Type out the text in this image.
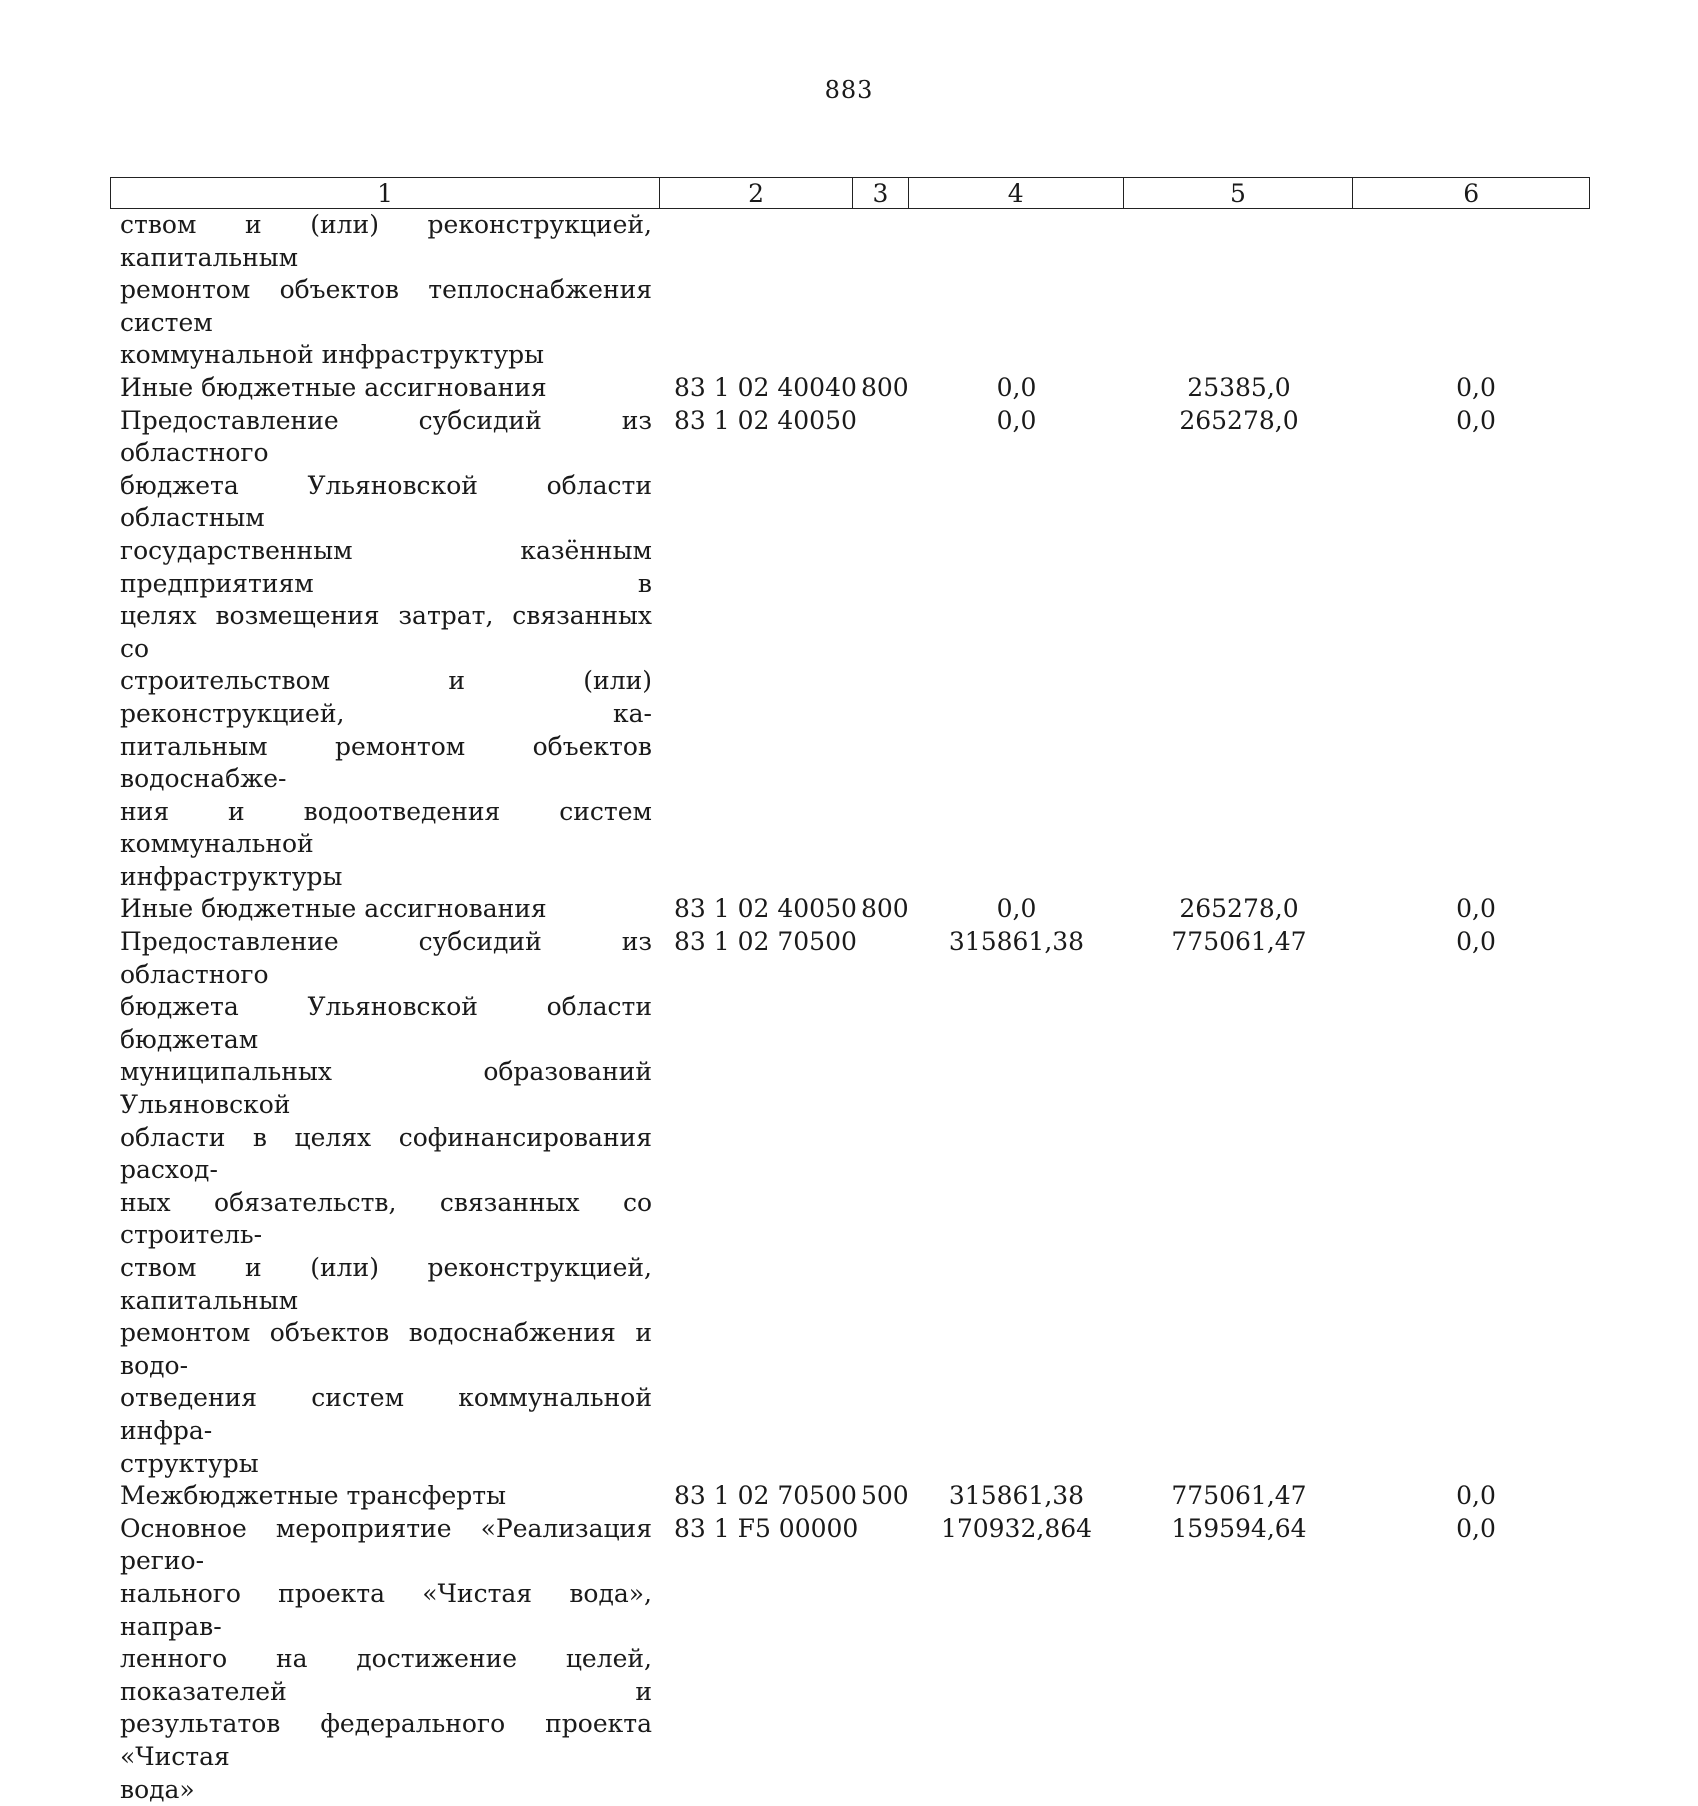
883
1	2	3	4	5	6
ством и (или) реконструкцией, капитальным
ремонтом объектов теплоснабжения систем
коммунальной инфраструктуры
Иные бюджетные ассигнования	83 1 02 40040 800	0,0	25385,0	0,0
Предоставление субсидий из областного
бюджета Ульяновской области областным
государственным казённым предприятиям в
целях возмещения затрат, связанных со
строительством и (или) реконструкцией, ка-
питальным ремонтом объектов водоснабже-
ния и водоотведения систем коммунальной
инфраструктуры
83 1 02 40050	0,0	265278,0	0,0
Иные бюджетные ассигнования	83 1 02 40050 800	0,0	265278,0	0,0
Предоставление субсидий из областного
бюджета Ульяновской области бюджетам
муниципальных образований Ульяновской
области в целях софинансирования расход-
ных обязательств, связанных со строитель-
ством и (или) реконструкцией, капитальным
ремонтом объектов водоснабжения и водо-
отведения систем коммунальной инфра-
структуры
83 1 02 70500	315861,38	775061,47	0,0
Межбюджетные трансферты	83 1 02 70500 500	315861,38	775061,47	0,0
Основное мероприятие «Реализация регио-
нального проекта «Чистая вода», направ-
ленного на достижение целей, показателей и
результатов федерального проекта «Чистая
вода»
83 1 F5 00000	170932,864	159594,64	0,0
